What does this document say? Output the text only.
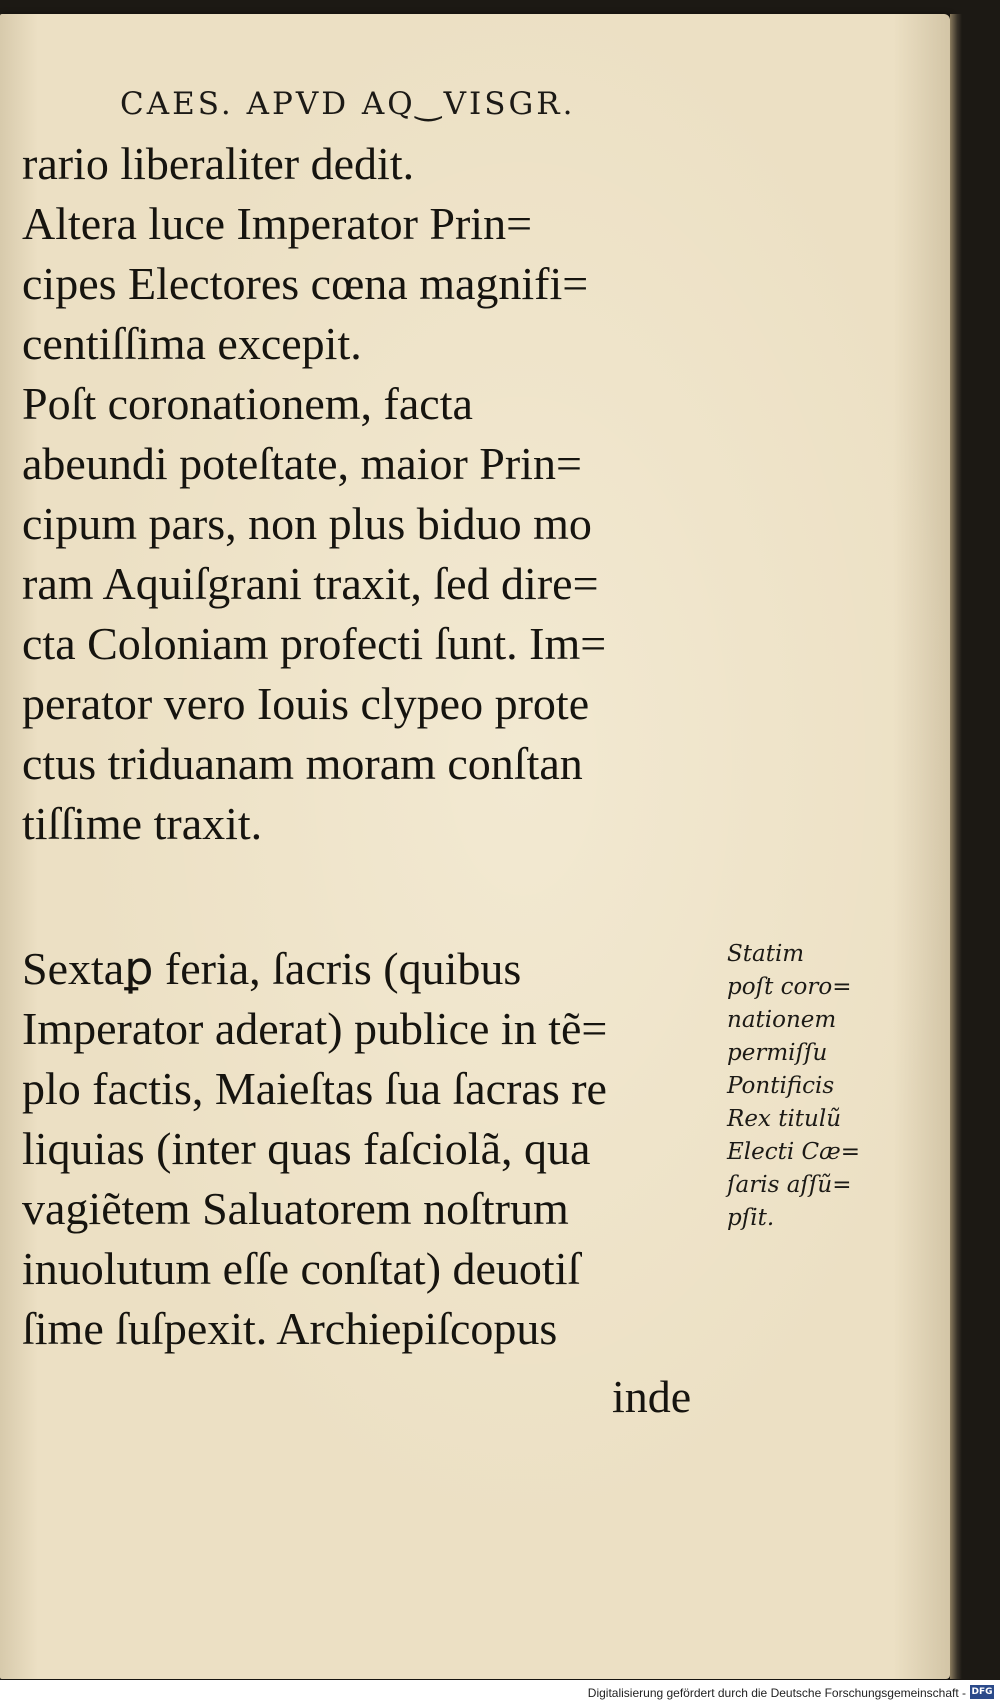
CAES. APVD AQ‿VISGR.
rario liberaliter dedit.
Altera luce Imperator Prin=
cipes Electores cœna magnifi=
centiſſima excepit.
Poſt coronationem, facta
abeundi poteſtate, maior Prin=
cipum pars, non plus biduo mo
ram Aquiſgrani traxit, ſed dire=
cta Coloniam profecti ſunt. Im=
perator vero Iouis clypeo prote
ctus triduanam moram conſtan
tiſſime traxit.
Sextaꝑ feria, ſacris (quibus
Imperator aderat) publice in tẽ=
plo factis, Maieſtas ſua ſacras re
liquias (inter quas faſciolã, qua
vagiẽtem Saluatorem noſtrum
inuolutum eſſe conſtat) deuotiſ
ſime ſuſpexit. Archiepiſcopus
inde
Statim
poſt coro=
nationem
permiſſu
Pontificis
Rex titulũ
Electi Cæ=
ſaris aſſũ=
pſit.
Digitalisierung gefördert durch die Deutsche Forschungsgemeinschaft - DFG
